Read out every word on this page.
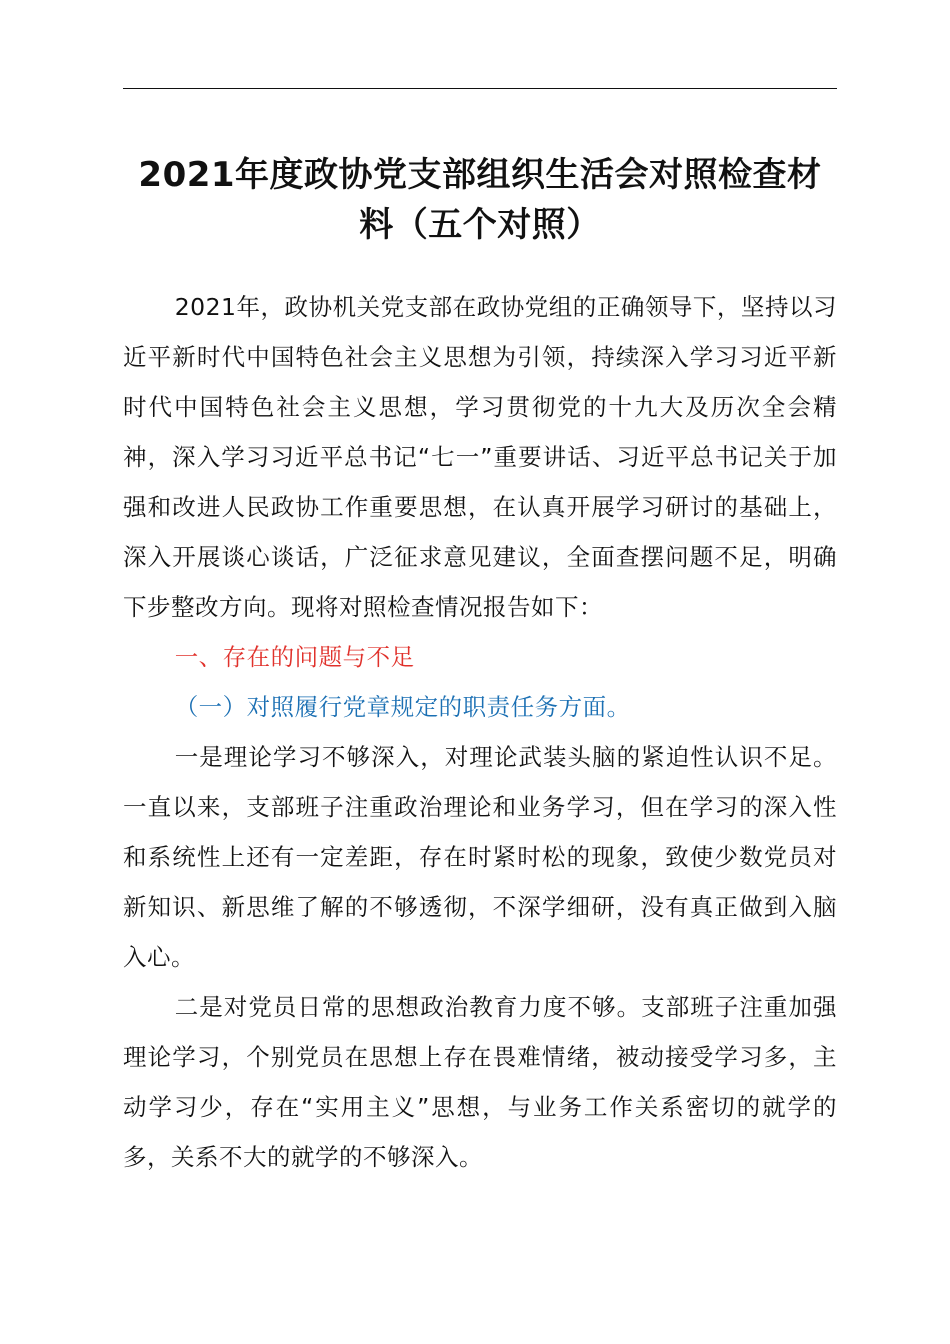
2021年度政协党支部组织生活会对照检查材料（五个对照）

2021年，政协机关党支部在政协党组的正确领导下，坚持以习近平新时代中国特色社会主义思想为引领，持续深入学习习近平新时代中国特色社会主义思想，学习贯彻党的十九大及历次全会精神，深入学习习近平总书记“七一”重要讲话、习近平总书记关于加强和改进人民政协工作重要思想，在认真开展学习研讨的基础上，深入开展谈心谈话，广泛征求意见建议，全面查摆问题不足，明确下步整改方向。现将对照检查情况报告如下：

一、存在的问题与不足

（一）对照履行党章规定的职责任务方面。

一是理论学习不够深入，对理论武装头脑的紧迫性认识不足。一直以来，支部班子注重政治理论和业务学习，但在学习的深入性和系统性上还有一定差距，存在时紧时松的现象，致使少数党员对新知识、新思维了解的不够透彻，不深学细研，没有真正做到入脑入心。

二是对党员日常的思想政治教育力度不够。支部班子注重加强理论学习，个别党员在思想上存在畏难情绪，被动接受学习多，主动学习少，存在“实用主义”思想，与业务工作关系密切的就学的多，关系不大的就学的不够深入。
